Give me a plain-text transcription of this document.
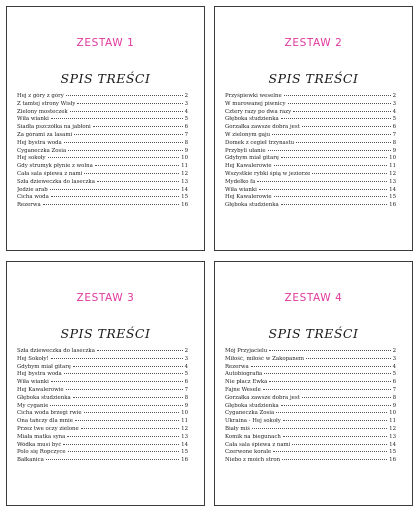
ZESTAW 1
SPIS TREŚCI
Hej z góry z góry	2
Z tamtej strony Wisły	3
Zielony mosteczek	4
Wiła wianki	5
Siadła pszczółka na jabłoni	6
Za górami za lasami	7
Hej bystra woda	8
Cyganeczka Zosia	9
Hej sokoły	10
Gdy strumyk płynie z wolna	11
Cała sala śpiewa z nami	12
Szła dzieweczka do laseczka	13
Jedzie arab	14
Cicha woda	15
Rezerwa	16
ZESTAW 2
SPIS TREŚCI
Przyśpiewki weselne	2
W murowanej piwnicy	3
Cztery razy po dwa razy	4
Głęboka studzienka	5
Gorzałka zawsze dobra jest	6
W zielonym gaju	7
Domek z cegieł trzynastu	8
Przybyli ułanie	9
Gdybym miał gitarę	10
Hej Kawalerowie	11
Wszystkie rybki śpią w jeziorze	12
Mydełko fa	13
Wiła wianki	14
Hej Kawalerowie	15
Głęboka studzienka	16
ZESTAW 3
SPIS TREŚCI
Szła dzieweczka do laseczka	2
Hej Sokoły!	3
Gdybym miał gitarę	4
Hej bystra woda	5
Wiła wianki	6
Hej Kawalerowie	7
Głęboka studzienka	8
My cyganie	9
Cicha woda brzegi rwie	10
Ona tańczy dla mnie	11
Przez twe oczy zielone	12
Miała matka syna	13
Wódka musi być	14
Polo się Ropczyce	15
Bałkanica	16
ZESTAW 4
SPIS TREŚCI
Mój Przyjacielu	2
Miłość, miłość w Zakopanem	3
Rezerwa	4
Autobiografia	5
Nie płacz Ewka	6
Fajne Wesele	7
Gorzałka zawsze dobra jest	8
Głęboka studzienka	9
Cyganeczka Zosia	10
Ukraina - Hej sokoły	11
Biały miś	12
Komik na biegunach	13
Cała sala śpiewa z nami	14
Czerwone korale	15
Niebo z moich stron	16
